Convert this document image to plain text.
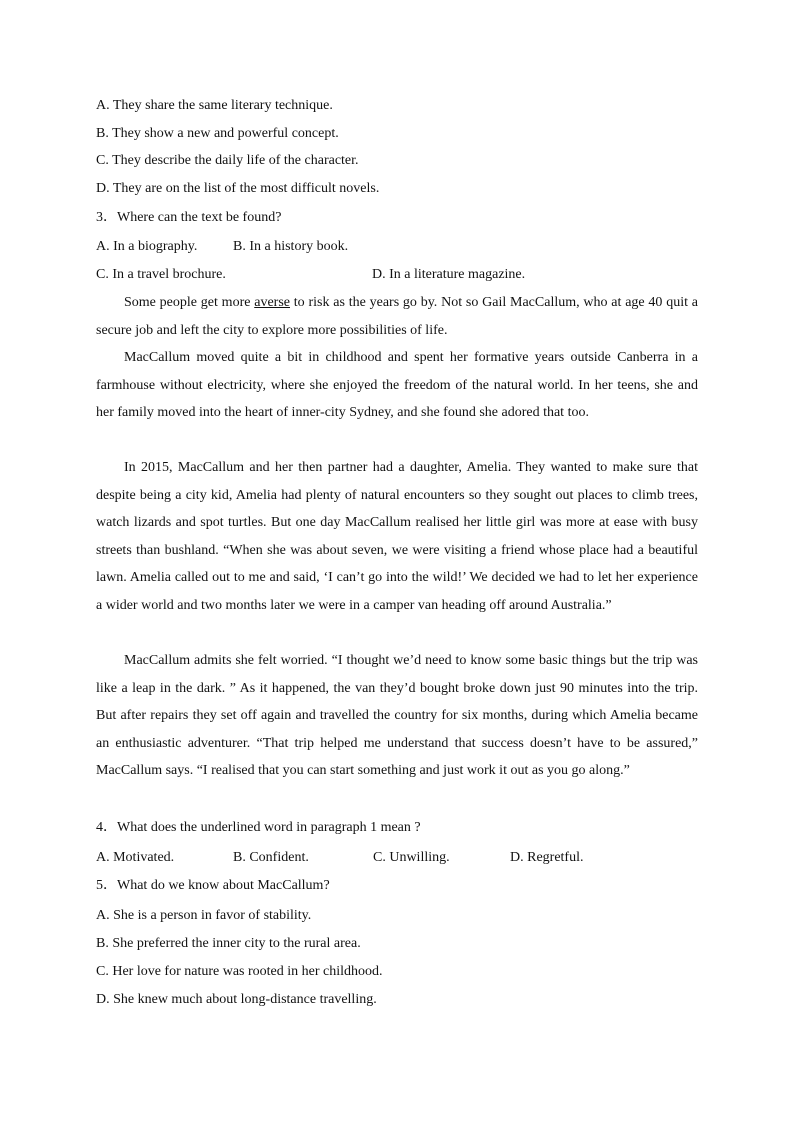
A. They share the same literary technique.
B. They show a new and powerful concept.
C. They describe the daily life of the character.
D. They are on the list of the most difficult novels.
3．Where can the text be found?
A. In a biography.	B. In a history book.
C. In a travel brochure.	D. In a literature magazine.
Some people get more averse to risk as the years go by. Not so Gail MacCallum, who at age 40 quit a secure job and left the city to explore more possibilities of life.
MacCallum moved quite a bit in childhood and spent her formative years outside Canberra in a farmhouse without electricity, where she enjoyed the freedom of the natural world. In her teens, she and her family moved into the heart of inner-city Sydney, and she found she adored that too.
In 2015, MacCallum and her then partner had a daughter, Amelia. They wanted to make sure that despite being a city kid, Amelia had plenty of natural encounters so they sought out places to climb trees, watch lizards and spot turtles. But one day MacCallum realised her little girl was more at ease with busy streets than bushland. “When she was about seven, we were visiting a friend whose place had a beautiful lawn. Amelia called out to me and said, ‘I can’t go into the wild!’ We decided we had to let her experience a wider world and two months later we were in a camper van heading off around Australia.”
MacCallum admits she felt worried. “I thought we’d need to know some basic things but the trip was like a leap in the dark. ” As it happened, the van they’d bought broke down just 90 minutes into the trip. But after repairs they set off again and travelled the country for six months, during which Amelia became an enthusiastic adventurer. “That trip helped me understand that success doesn’t have to be assured,” MacCallum says. “I realised that you can start something and just work it out as you go along.”
4．What does the underlined word in paragraph 1 mean ?
A. Motivated.	B. Confident.	C. Unwilling.	D. Regretful.
5．What do we know about MacCallum?
A. She is a person in favor of stability.
B. She preferred the inner city to the rural area.
C. Her love for nature was rooted in her childhood.
D. She knew much about long-distance travelling.
